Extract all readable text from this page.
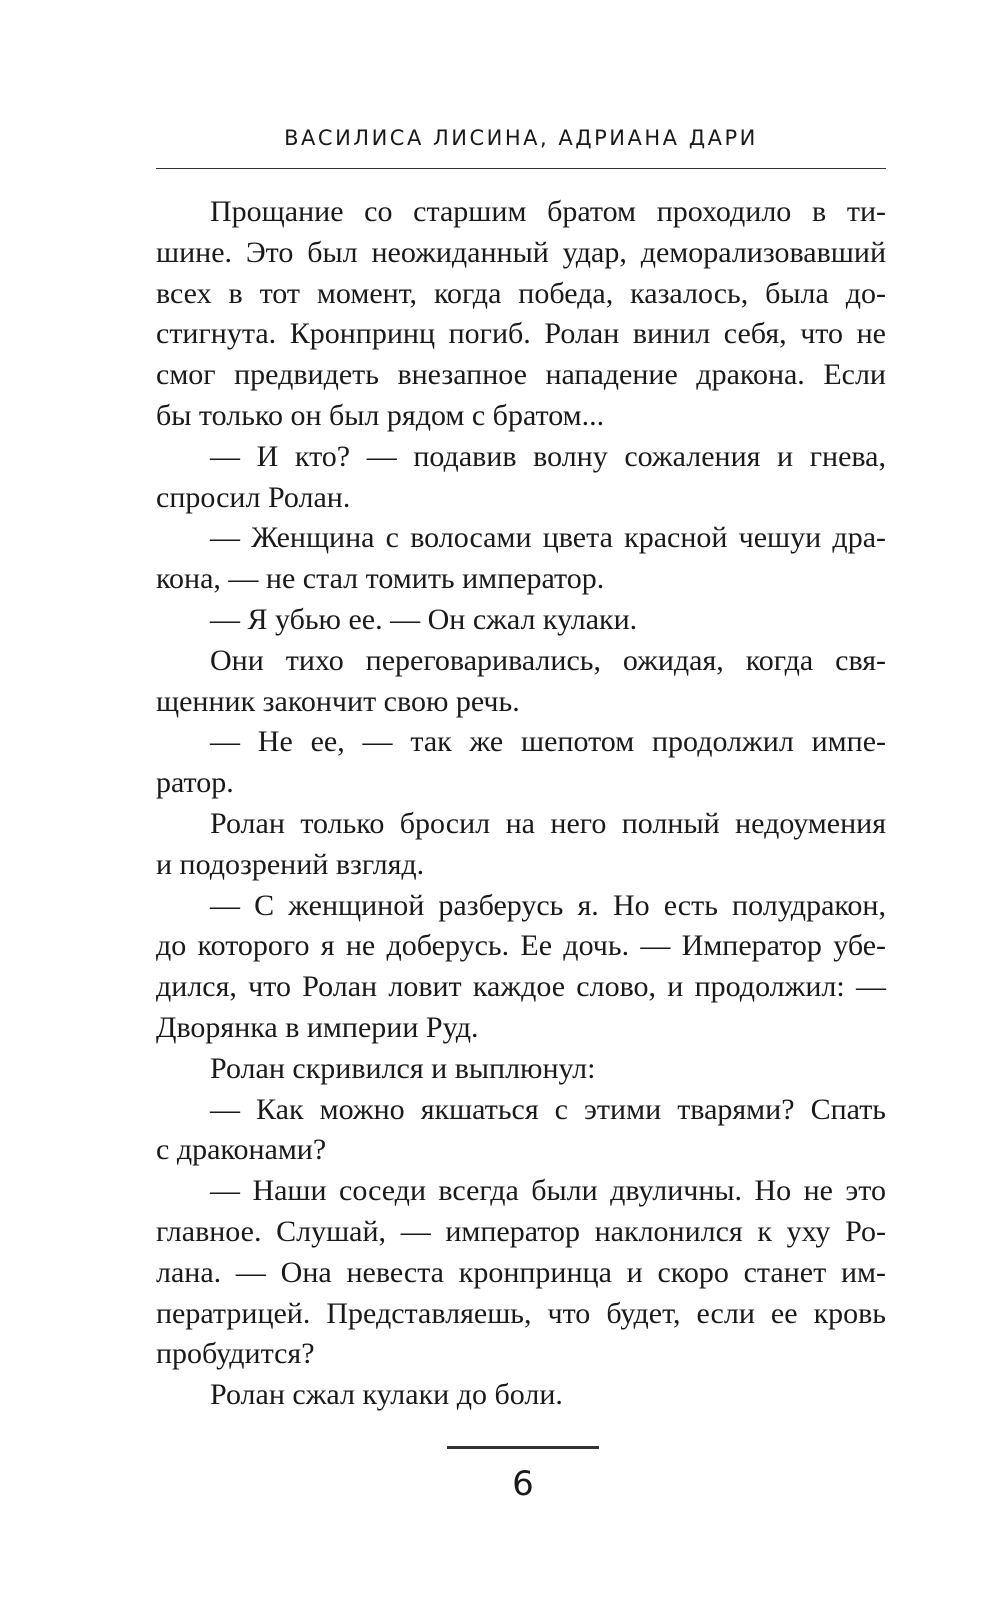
ВАСИЛИСА ЛИСИНА, АДРИАНА ДАРИ
Прощание со старшим братом проходило в ти-
шине. Это был неожиданный удар, деморализовавший
всех в тот момент, когда победа, казалось, была до-
стигнута. Кронпринц погиб. Ролан винил себя, что не
смог предвидеть внезапное нападение дракона. Если
бы только он был рядом с братом...
— И кто? — подавив волну сожаления и гнева,
спросил Ролан.
— Женщина с волосами цвета красной чешуи дра-
кона, — не стал томить император.
— Я убью ее. — Он сжал кулаки.
Они тихо переговаривались, ожидая, когда свя-
щенник закончит свою речь.
— Не ее, — так же шепотом продолжил импе-
ратор.
Ролан только бросил на него полный недоумения
и подозрений взгляд.
— С женщиной разберусь я. Но есть полудракон,
до которого я не доберусь. Ее дочь. — Император убе-
дился, что Ролан ловит каждое слово, и продолжил: —
Дворянка в империи Руд.
Ролан скривился и выплюнул:
— Как можно якшаться с этими тварями? Спать
с драконами?
— Наши соседи всегда были двуличны. Но не это
главное. Слушай, — император наклонился к уху Ро-
лана. — Она невеста кронпринца и скоро станет им-
ператрицей. Представляешь, что будет, если ее кровь
пробудится?
Ролан сжал кулаки до боли.
6
